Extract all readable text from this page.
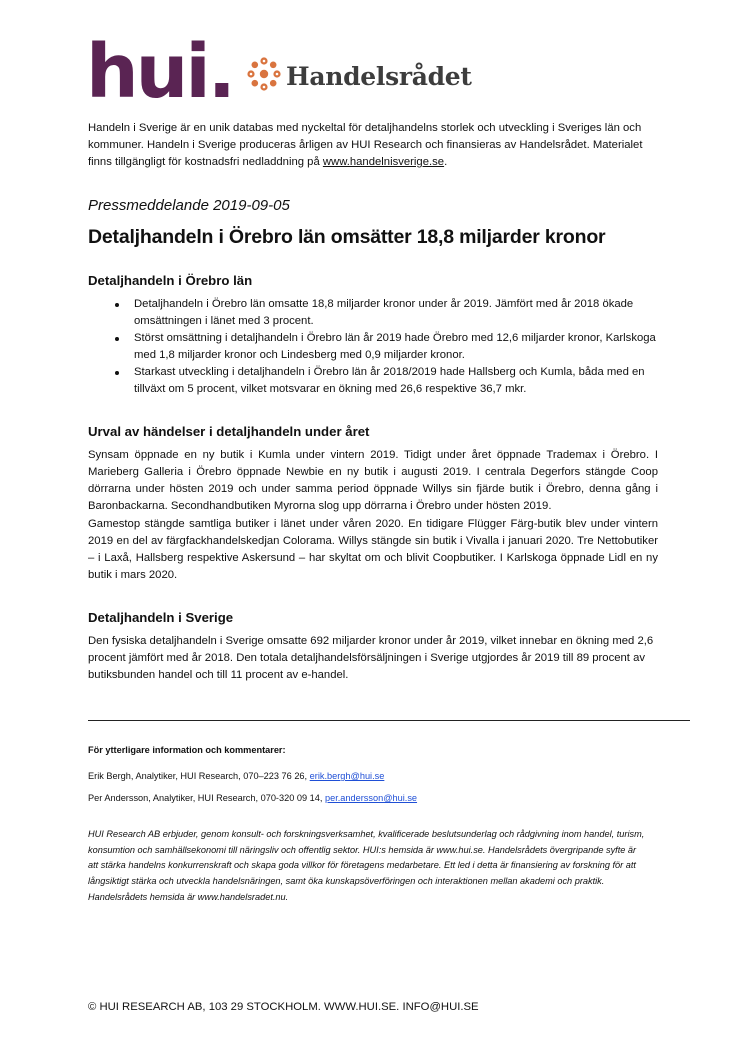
hui. Handelsrådet

Handeln i Sverige är en unik databas med nyckeltal för detaljhandelns storlek och utveckling i Sveriges län och kommuner. Handeln i Sverige produceras årligen av HUI Research och finansieras av Handelsrådet. Materialet finns tillgängligt för kostnadsfri nedladdning på www.handelnisverige.se.

Pressmeddelande 2019-09-05

Detaljhandeln i Örebro län omsätter 18,8 miljarder kronor
Detaljhandeln i Örebro län
Detaljhandeln i Örebro län omsatte 18,8 miljarder kronor under år 2019. Jämfört med år 2018 ökade omsättningen i länet med 3 procent.
Störst omsättning i detaljhandeln i Örebro län år 2019 hade Örebro med 12,6 miljarder kronor, Karlskoga med 1,8 miljarder kronor och Lindesberg med 0,9 miljarder kronor.
Starkast utveckling i detaljhandeln i Örebro län år 2018/2019 hade Hallsberg och Kumla, båda med en tillväxt om 5 procent, vilket motsvarar en ökning med 26,6 respektive 36,7 mkr.
Urval av händelser i detaljhandeln under året

Synsam öppnade en ny butik i Kumla under vintern 2019. Tidigt under året öppnade Trademax i Örebro. I Marieberg Galleria i Örebro öppnade Newbie en ny butik i augusti 2019. I centrala Degerfors stängde Coop dörrarna under hösten 2019 och under samma period öppnade Willys sin fjärde butik i Örebro, denna gång i Baronbackarna. Secondhandbutiken Myrorna slog upp dörrarna i Örebro under hösten 2019.

Gamestop stängde samtliga butiker i länet under våren 2020. En tidigare Flügger Färg-butik blev under vintern 2019 en del av färgfackhandelskedjan Colorama. Willys stängde sin butik i Vivalla i januari 2020. Tre Nettobutiker – i Laxå, Hallsberg respektive Askersund – har skyltat om och blivit Coopbutiker. I Karlskoga öppnade Lidl en ny butik i mars 2020.

Detaljhandeln i Sverige

Den fysiska detaljhandeln i Sverige omsatte 692 miljarder kronor under år 2019, vilket innebar en ökning med 2,6 procent jämfört med år 2018. Den totala detaljhandelsförsäljningen i Sverige utgjordes år 2019 till 89 procent av butiksbunden handel och till 11 procent av e-handel.

För ytterligare information och kommentarer:

Erik Bergh, Analytiker, HUI Research, 070–223 76 26, erik.bergh@hui.se

Per Andersson, Analytiker, HUI Research, 070-320 09 14, per.andersson@hui.se

HUI Research AB erbjuder, genom konsult- och forskningsverksamhet, kvalificerade beslutsunderlag och rådgivning inom handel, turism, konsumtion och samhällsekonomi till näringsliv och offentlig sektor. HUI:s hemsida är www.hui.se. Handelsrådets övergripande syfte är att stärka handelns konkurrenskraft och skapa goda villkor för företagens medarbetare. Ett led i detta är finansiering av forskning för att långsiktigt stärka och utveckla handelsnäringen, samt öka kunskapsöverföringen och interaktionen mellan akademi och praktik. Handelsrådets hemsida är www.handelsradet.nu.

© HUI RESEARCH AB, 103 29 STOCKHOLM. WWW.HUI.SE. INFO@HUI.SE
